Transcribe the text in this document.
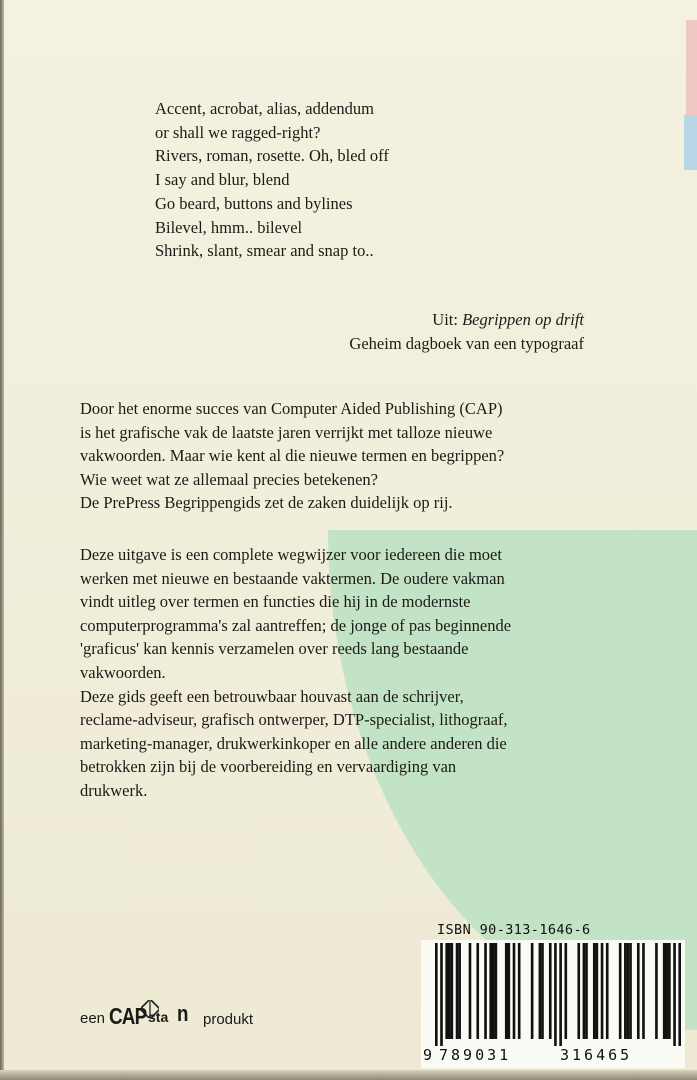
Accent, acrobat, alias, addendum
or shall we ragged-right?
Rivers, roman, rosette. Oh, bled off
I say and blur, blend
Go beard, buttons and bylines
Bilevel, hmm.. bilevel
Shrink, slant, smear and snap to..
Uit: Begrippen op drift
Geheim dagboek van een typograaf
Door het enorme succes van Computer Aided Publishing (CAP)
is het grafische vak de laatste jaren verrijkt met talloze nieuwe
vakwoorden. Maar wie kent al die nieuwe termen en begrippen?
Wie weet wat ze allemaal precies betekenen?
De PrePress Begrippengids zet de zaken duidelijk op rij.
Deze uitgave is een complete wegwijzer voor iedereen die moet
werken met nieuwe en bestaande vaktermen. De oudere vakman
vindt uitleg over termen en functies die hij in de modernste
computerprogramma's zal aantreffen; de jonge of pas beginnende
'graficus' kan kennis verzamelen over reeds lang bestaande
vakwoorden.
Deze gids geeft een betrouwbaar houvast aan de schrijver,
reclame-adviseur, grafisch ontwerper, DTP-specialist, lithograaf,
marketing-manager, drukwerkinkoper en alle andere anderen die
betrokken zijn bij de voorbereiding en vervaardiging van
drukwerk.
ISBN 90-313-1646-6
9 789031	316465
een CAP sta n produkt
